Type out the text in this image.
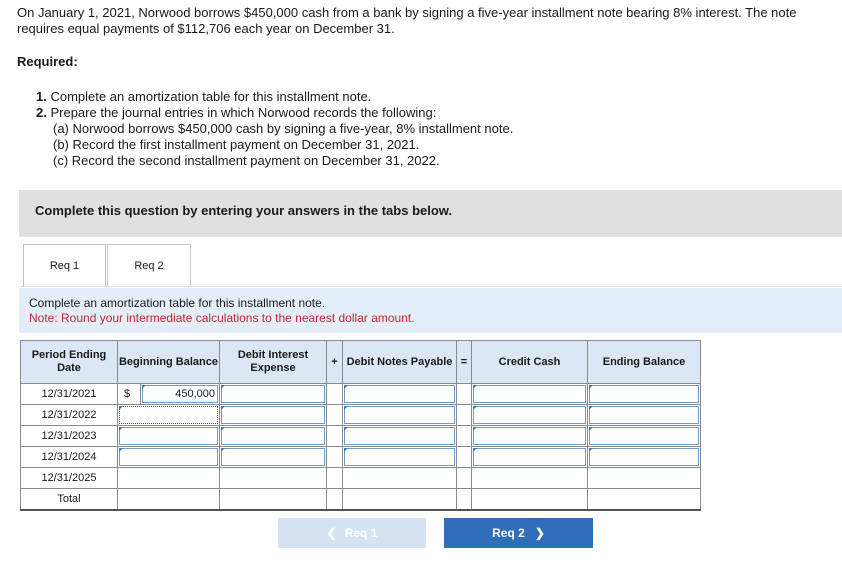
On January 1, 2021, Norwood borrows $450,000 cash from a bank by signing a five-year installment note bearing 8% interest. The note requires equal payments of $112,706 each year on December 31.
Required:
1. Complete an amortization table for this installment note.
2. Prepare the journal entries in which Norwood records the following:
(a) Norwood borrows $450,000 cash by signing a five-year, 8% installment note.
(b) Record the first installment payment on December 31, 2021.
(c) Record the second installment payment on December 31, 2022.
Complete this question by entering your answers in the tabs below.
Req 1	Req 2
Complete an amortization table for this installment note.
Note: Round your intermediate calculations to the nearest dollar amount.
Period Ending Date	Beginning Balance		Debit Interest Expense	+	Debit Notes Payable	=	Credit Cash	Ending Balance
12/31/2021	$	450,000						

12/31/2022		

12/31/2023		

12/31/2024		

12/31/2025								
Total								
❮ Req 1	Req 2 ❯
